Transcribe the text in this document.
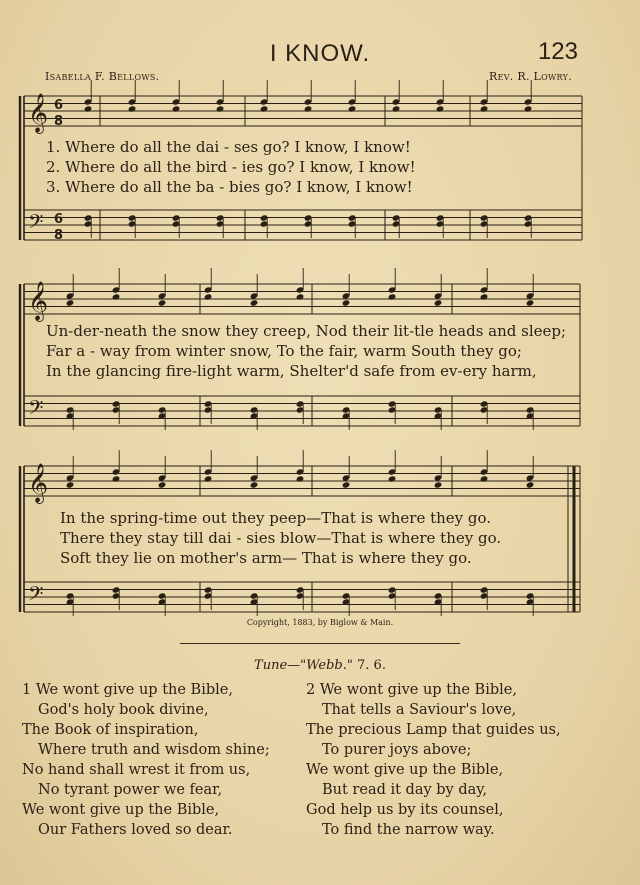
I KNOW.	123
Isabella F. Bellows.	Rev. R. Lowry.
𝄞
𝄢
6
8
6
8
𝄞
𝄢
𝄞
𝄢
1. Where do all the dai - ses go? I know, I know!
2. Where do all the bird - ies go? I know, I know!
3. Where do all the ba - bies go? I know, I know!
Un-der-neath the snow they creep, Nod their lit-tle heads and sleep;
Far a - way from winter snow, To the fair, warm South they go;
In the glancing fire-light warm, Shelter'd safe from ev-ery harm,
In the spring-time out they peep—That is where they go.
There they stay till dai - sies blow—That is where they go.
Soft they lie on mother's arm— That is where they go.
Copyright, 1883, by Biglow & Main.
Tune—"Webb." 7. 6.
1 We wont give up the Bible,
God's holy book divine,
The Book of inspiration,
Where truth and wisdom shine;
No hand shall wrest it from us,
No tyrant power we fear,
We wont give up the Bible,
Our Fathers loved so dear.
2 We wont give up the Bible,
That tells a Saviour's love,
The precious Lamp that guides us,
To purer joys above;
We wont give up the Bible,
But read it day by day,
God help us by its counsel,
To find the narrow way.
